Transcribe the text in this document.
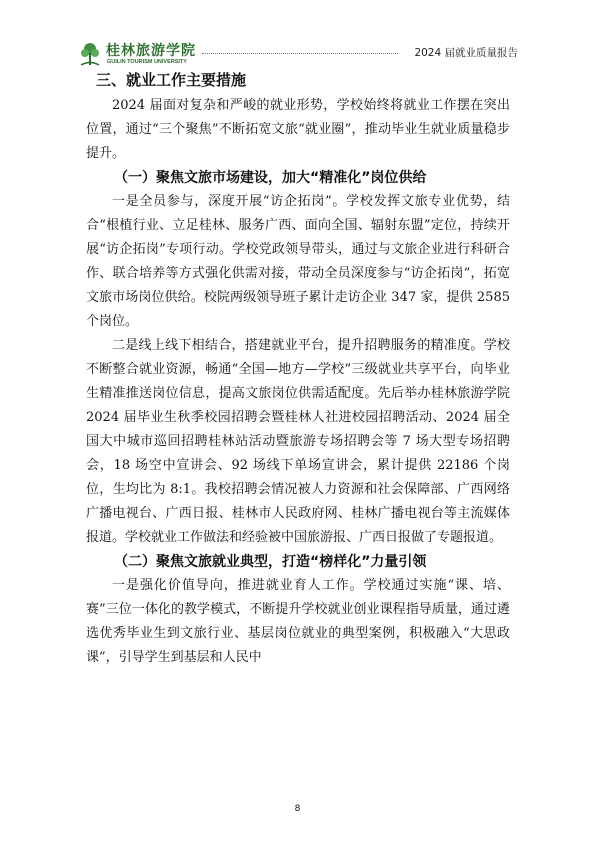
桂林旅游学院
GUILIN TOURISM UNIVERSITY
2024 届就业质量报告
三、就业工作主要措施

2024 届面对复杂和严峻的就业形势，学校始终将就业工作摆在突出位置，通过“三个聚焦”不断拓宽文旅“就业圈”，推动毕业生就业质量稳步提升。

（一）聚焦文旅市场建设，加大“精准化”岗位供给

一是全员参与，深度开展“访企拓岗”。学校发挥文旅专业优势，结合“根植行业、立足桂林、服务广西、面向全国、辐射东盟”定位，持续开展“访企拓岗”专项行动。学校党政领导带头，通过与文旅企业进行科研合作、联合培养等方式强化供需对接，带动全员深度参与“访企拓岗”，拓宽文旅市场岗位供给。校院两级领导班子累计走访企业 347 家，提供 2585 个岗位。

二是线上线下相结合，搭建就业平台，提升招聘服务的精准度。学校不断整合就业资源，畅通“全国—地方—学校”三级就业共享平台，向毕业生精准推送岗位信息，提高文旅岗位供需适配度。先后举办桂林旅游学院 2024 届毕业生秋季校园招聘会暨桂林人社进校园招聘活动、2024 届全国大中城市巡回招聘桂林站活动暨旅游专场招聘会等 7 场大型专场招聘会，18 场空中宣讲会、92 场线下单场宣讲会，累计提供 22186 个岗位，生均比为 8:1。我校招聘会情况被人力资源和社会保障部、广西网络广播电视台、广西日报、桂林市人民政府网、桂林广播电视台等主流媒体报道。学校就业工作做法和经验被中国旅游报、广西日报做了专题报道。

（二）聚焦文旅就业典型，打造“榜样化”力量引领

一是强化价值导向，推进就业育人工作。学校通过实施“课、培、赛”三位一体化的教学模式，不断提升学校就业创业课程指导质量，通过遴选优秀毕业生到文旅行业、基层岗位就业的典型案例，积极融入“大思政课”，引导学生到基层和人民中

8
